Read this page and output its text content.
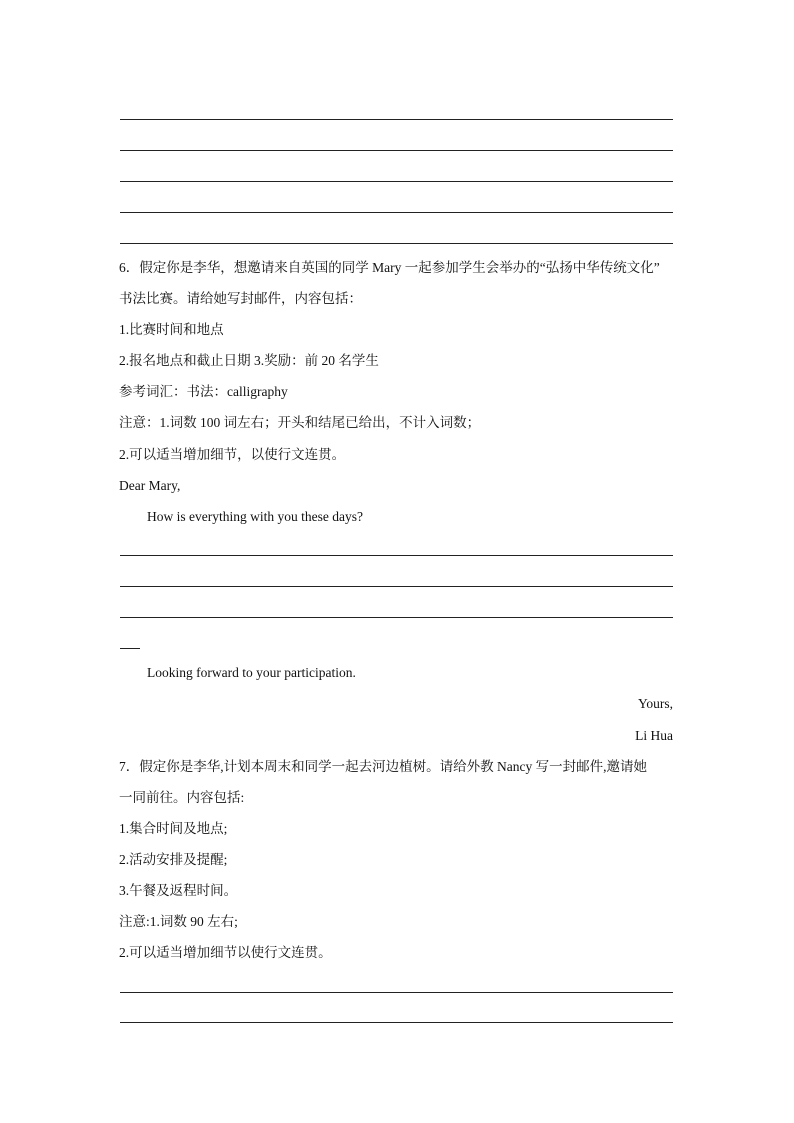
6．假定你是李华，想邀请来自英国的同学 Mary 一起参加学生会举办的“弘扬中华传统文化”
书法比赛。请给她写封邮件，内容包括：
1.比赛时间和地点
2.报名地点和截止日期 3.奖励：前 20 名学生
参考词汇：书法：calligraphy
注意：1.词数 100 词左右；开头和结尾已给出，不计入词数；
2.可以适当增加细节，以使行文连贯。
Dear Mary,
How is everything with you these days?
Looking forward to your participation.
Yours,
Li Hua
7．假定你是李华,计划本周末和同学一起去河边植树。请给外教 Nancy 写一封邮件,邀请她
一同前往。内容包括:
1.集合时间及地点;
2.活动安排及提醒;
3.午餐及返程时间。
注意:1.词数 90 左右;
2.可以适当增加细节以使行文连贯。
